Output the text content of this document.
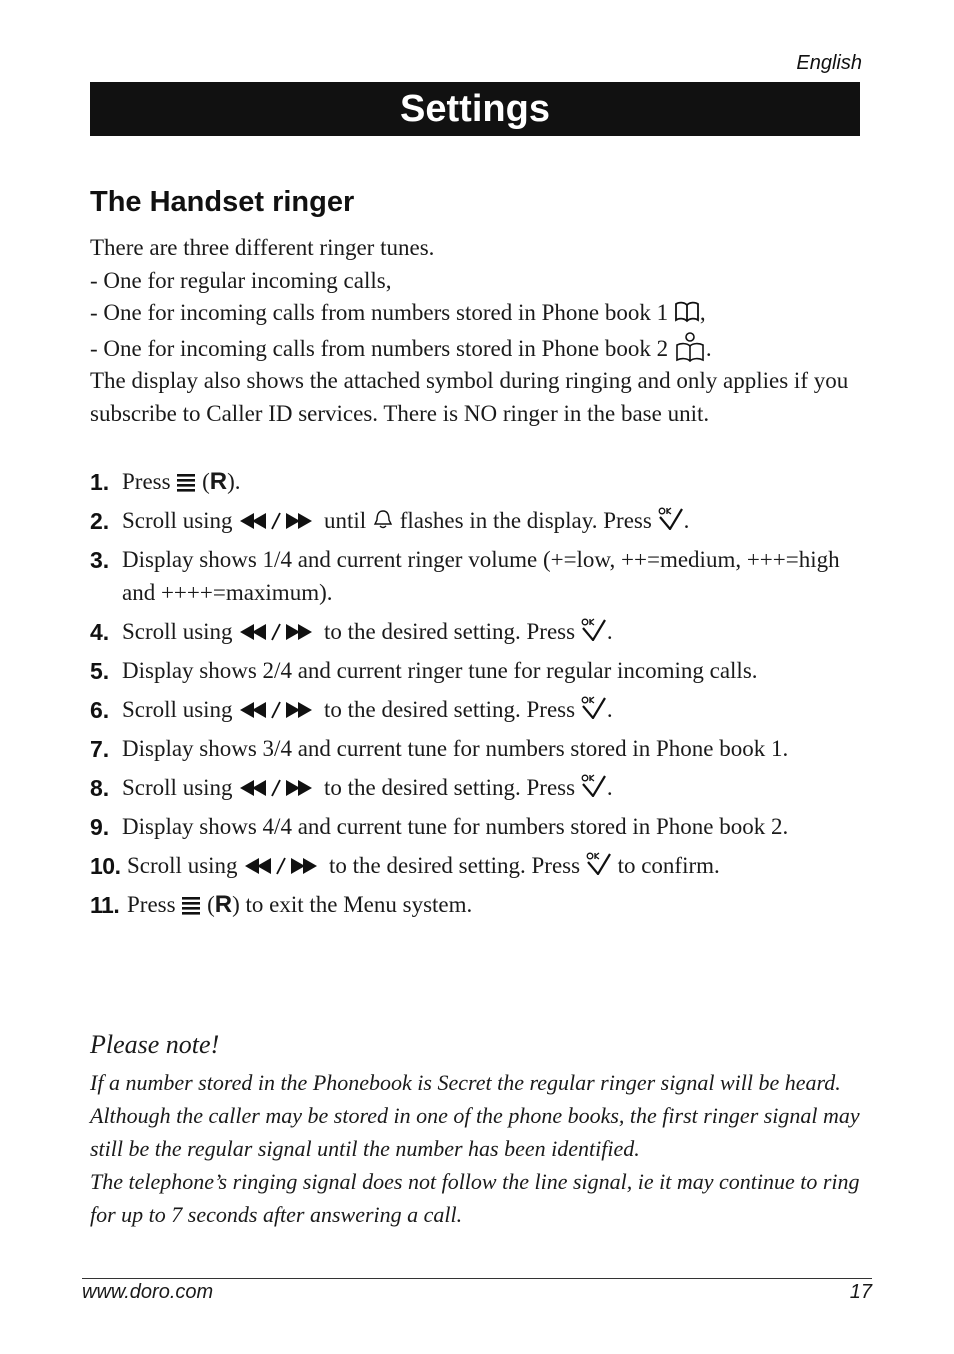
English
Settings
The Handset ringer

There are three different ringer tunes.

- One for regular incoming calls,

- One for incoming calls from numbers stored in Phone book 1 ,

- One for incoming calls from numbers stored in Phone book 2 .

The display also shows the attached symbol during ringing and only applies if you subscribe to Caller ID services. There is NO ringer in the base unit.

1. Press (R).
2. Scroll using	until flashes in the display. Press .
3. Display shows 1/4 and current ringer volume (+=low, ++=medium, +++=high and ++++=maximum).
4. Scroll using	to the desired setting. Press .
5. Display shows 2/4 and current ringer tune for regular incoming calls.
6. Scroll using	to the desired setting. Press .
7. Display shows 3/4 and current tune for numbers stored in Phone book 1.
8. Scroll using	to the desired setting. Press .
9. Display shows 4/4 and current tune for numbers stored in Phone book 2.
10. Scroll using	to the desired setting. Press to confirm.
11. Press (R) to exit the Menu system.
Please note!

If a number stored in the Phonebook is Secret the regular ringer signal will be heard. Although the caller may be stored in one of the phone books, the first ringer signal may still be the regular signal until the number has been identified.

The telephone’s ringing signal does not follow the line signal, ie it may continue to ring for up to 7 seconds after answering a call.

www.doro.com	17
